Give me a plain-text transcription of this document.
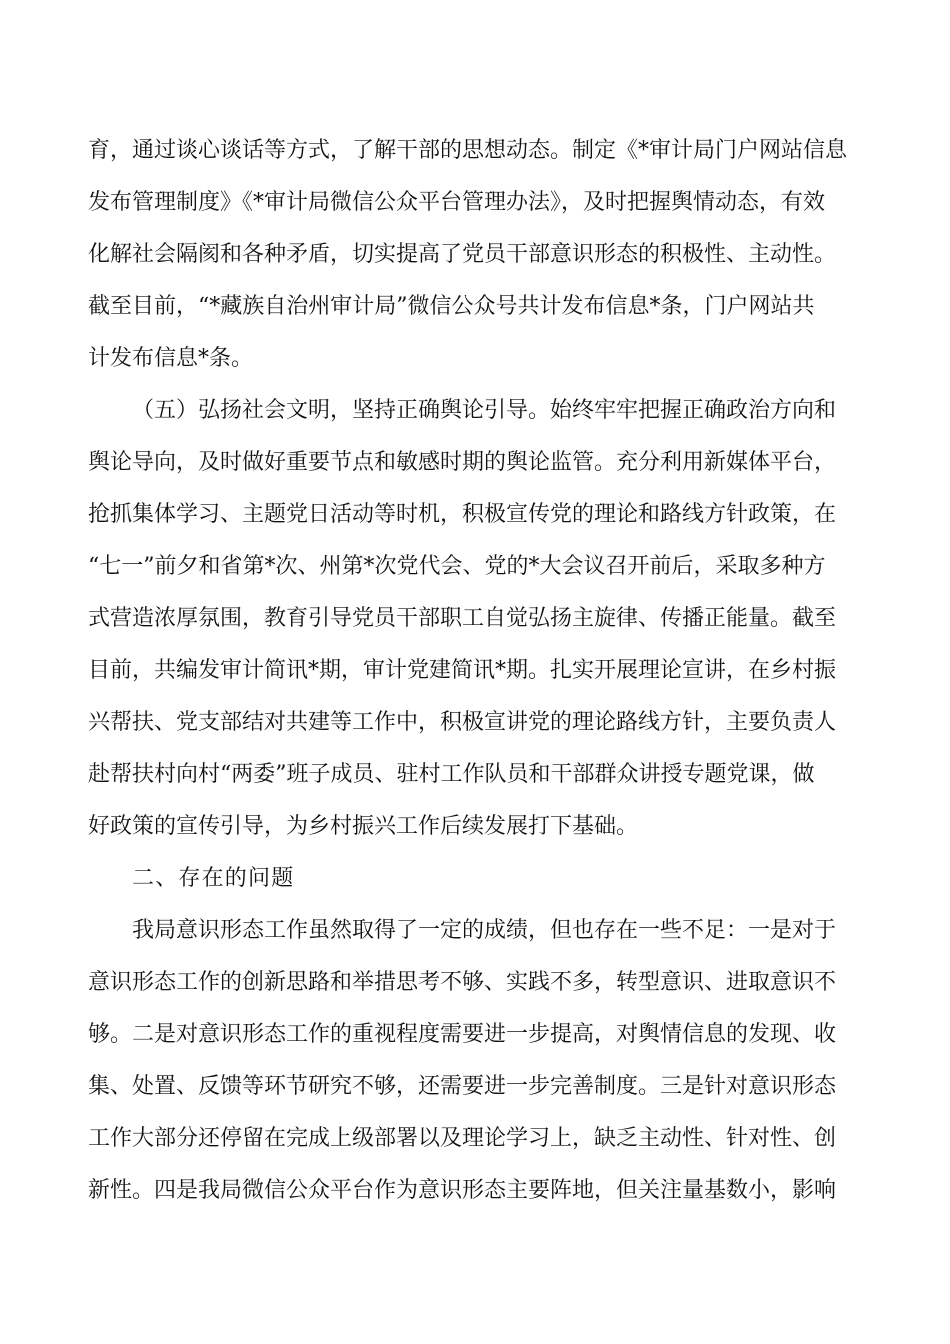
育，通过谈心谈话等方式，了解干部的思想动态。制定《*审计局门户网站信息
发布管理制度》《*审计局微信公众平台管理办法》，及时把握舆情动态，有效
化解社会隔阂和各种矛盾，切实提高了党员干部意识形态的积极性、主动性。
截至目前，“*藏族自治州审计局”微信公众号共计发布信息*条，门户网站共
计发布信息*条。

（五）弘扬社会文明，坚持正确舆论引导。始终牢牢把握正确政治方向和
舆论导向，及时做好重要节点和敏感时期的舆论监管。充分利用新媒体平台，
抢抓集体学习、主题党日活动等时机，积极宣传党的理论和路线方针政策，在
“七一”前夕和省第*次、州第*次党代会、党的*大会议召开前后，采取多种方
式营造浓厚氛围，教育引导党员干部职工自觉弘扬主旋律、传播正能量。截至
目前，共编发审计简讯*期，审计党建简讯*期。扎实开展理论宣讲，在乡村振
兴帮扶、党支部结对共建等工作中，积极宣讲党的理论路线方针，主要负责人
赴帮扶村向村“两委”班子成员、驻村工作队员和干部群众讲授专题党课，做
好政策的宣传引导，为乡村振兴工作后续发展打下基础。

二、存在的问题

我局意识形态工作虽然取得了一定的成绩，但也存在一些不足：一是对于
意识形态工作的创新思路和举措思考不够、实践不多，转型意识、进取意识不
够。二是对意识形态工作的重视程度需要进一步提高，对舆情信息的发现、收
集、处置、反馈等环节研究不够，还需要进一步完善制度。三是针对意识形态
工作大部分还停留在完成上级部署以及理论学习上，缺乏主动性、针对性、创
新性。四是我局微信公众平台作为意识形态主要阵地，但关注量基数小，影响
